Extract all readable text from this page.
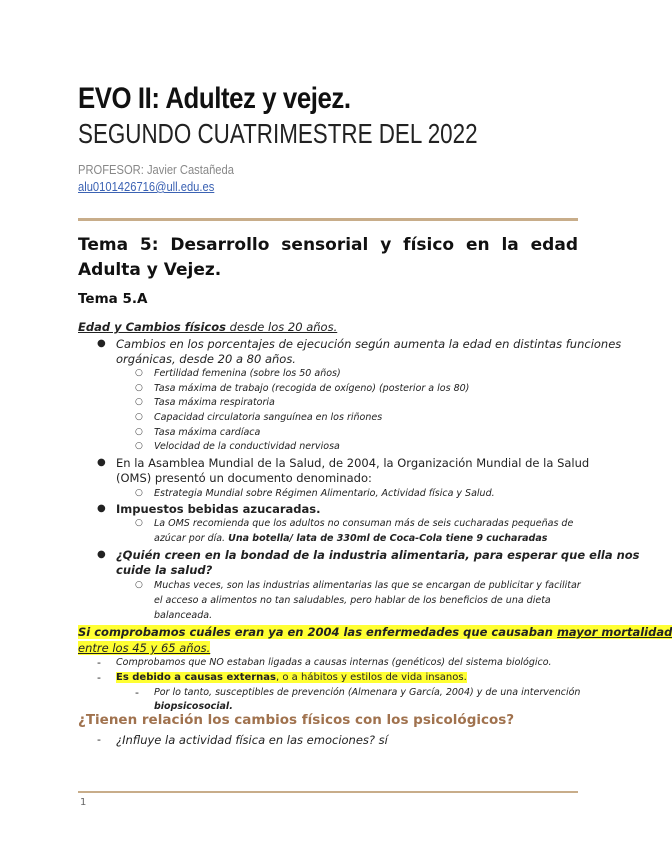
EVO II: Adultez y vejez.
SEGUNDO CUATRIMESTRE DEL 2022
PROFESOR: Javier Castañeda
alu0101426716@ull.edu.es
Tema 5: Desarrollo sensorial y físico en la edad Adulta y Vejez.
Tema 5.A
Edad y Cambios físicos desde los 20 años.
● Cambios en los porcentajes de ejecución según aumenta la edad en distintas funciones
orgánicas, desde 20 a 80 años.
○ Fertilidad femenina (sobre los 50 años)
○ Tasa máxima de trabajo (recogida de oxígeno) (posterior a los 80)
○ Tasa máxima respiratoria
○ Capacidad circulatoria sanguínea en los riñones
○ Tasa máxima cardíaca
○ Velocidad de la conductividad nerviosa
● En la Asamblea Mundial de la Salud, de 2004, la Organización Mundial de la Salud
(OMS) presentó un documento denominado:
○ Estrategia Mundial sobre Régimen Alimentario, Actividad física y Salud.
● Impuestos bebidas azucaradas.
○ La OMS recomienda que los adultos no consuman más de seis cucharadas pequeñas de
azúcar por día. Una botella/ lata de 330ml de Coca-Cola tiene 9 cucharadas
● ¿Quién creen en la bondad de la industria alimentaria, para esperar que ella nos
cuide la salud?
○ Muchas veces, son las industrias alimentarias las que se encargan de publicitar y facilitar
el acceso a alimentos no tan saludables, pero hablar de los beneficios de una dieta
balanceada.
Si comprobamos cuáles eran ya en 2004 las enfermedades que causaban mayor mortalidad
entre los 45 y 65 años.
- Comprobamos que NO estaban ligadas a causas internas (genéticos) del sistema biológico.
- Es debido a causas externas, o a hábitos y estilos de vida insanos.
- Por lo tanto, susceptibles de prevención (Almenara y García, 2004) y de una intervención
biopsicosocial.
¿Tienen relación los cambios físicos con los psicológicos?
- ¿Influye la actividad física en las emociones? sí
1
